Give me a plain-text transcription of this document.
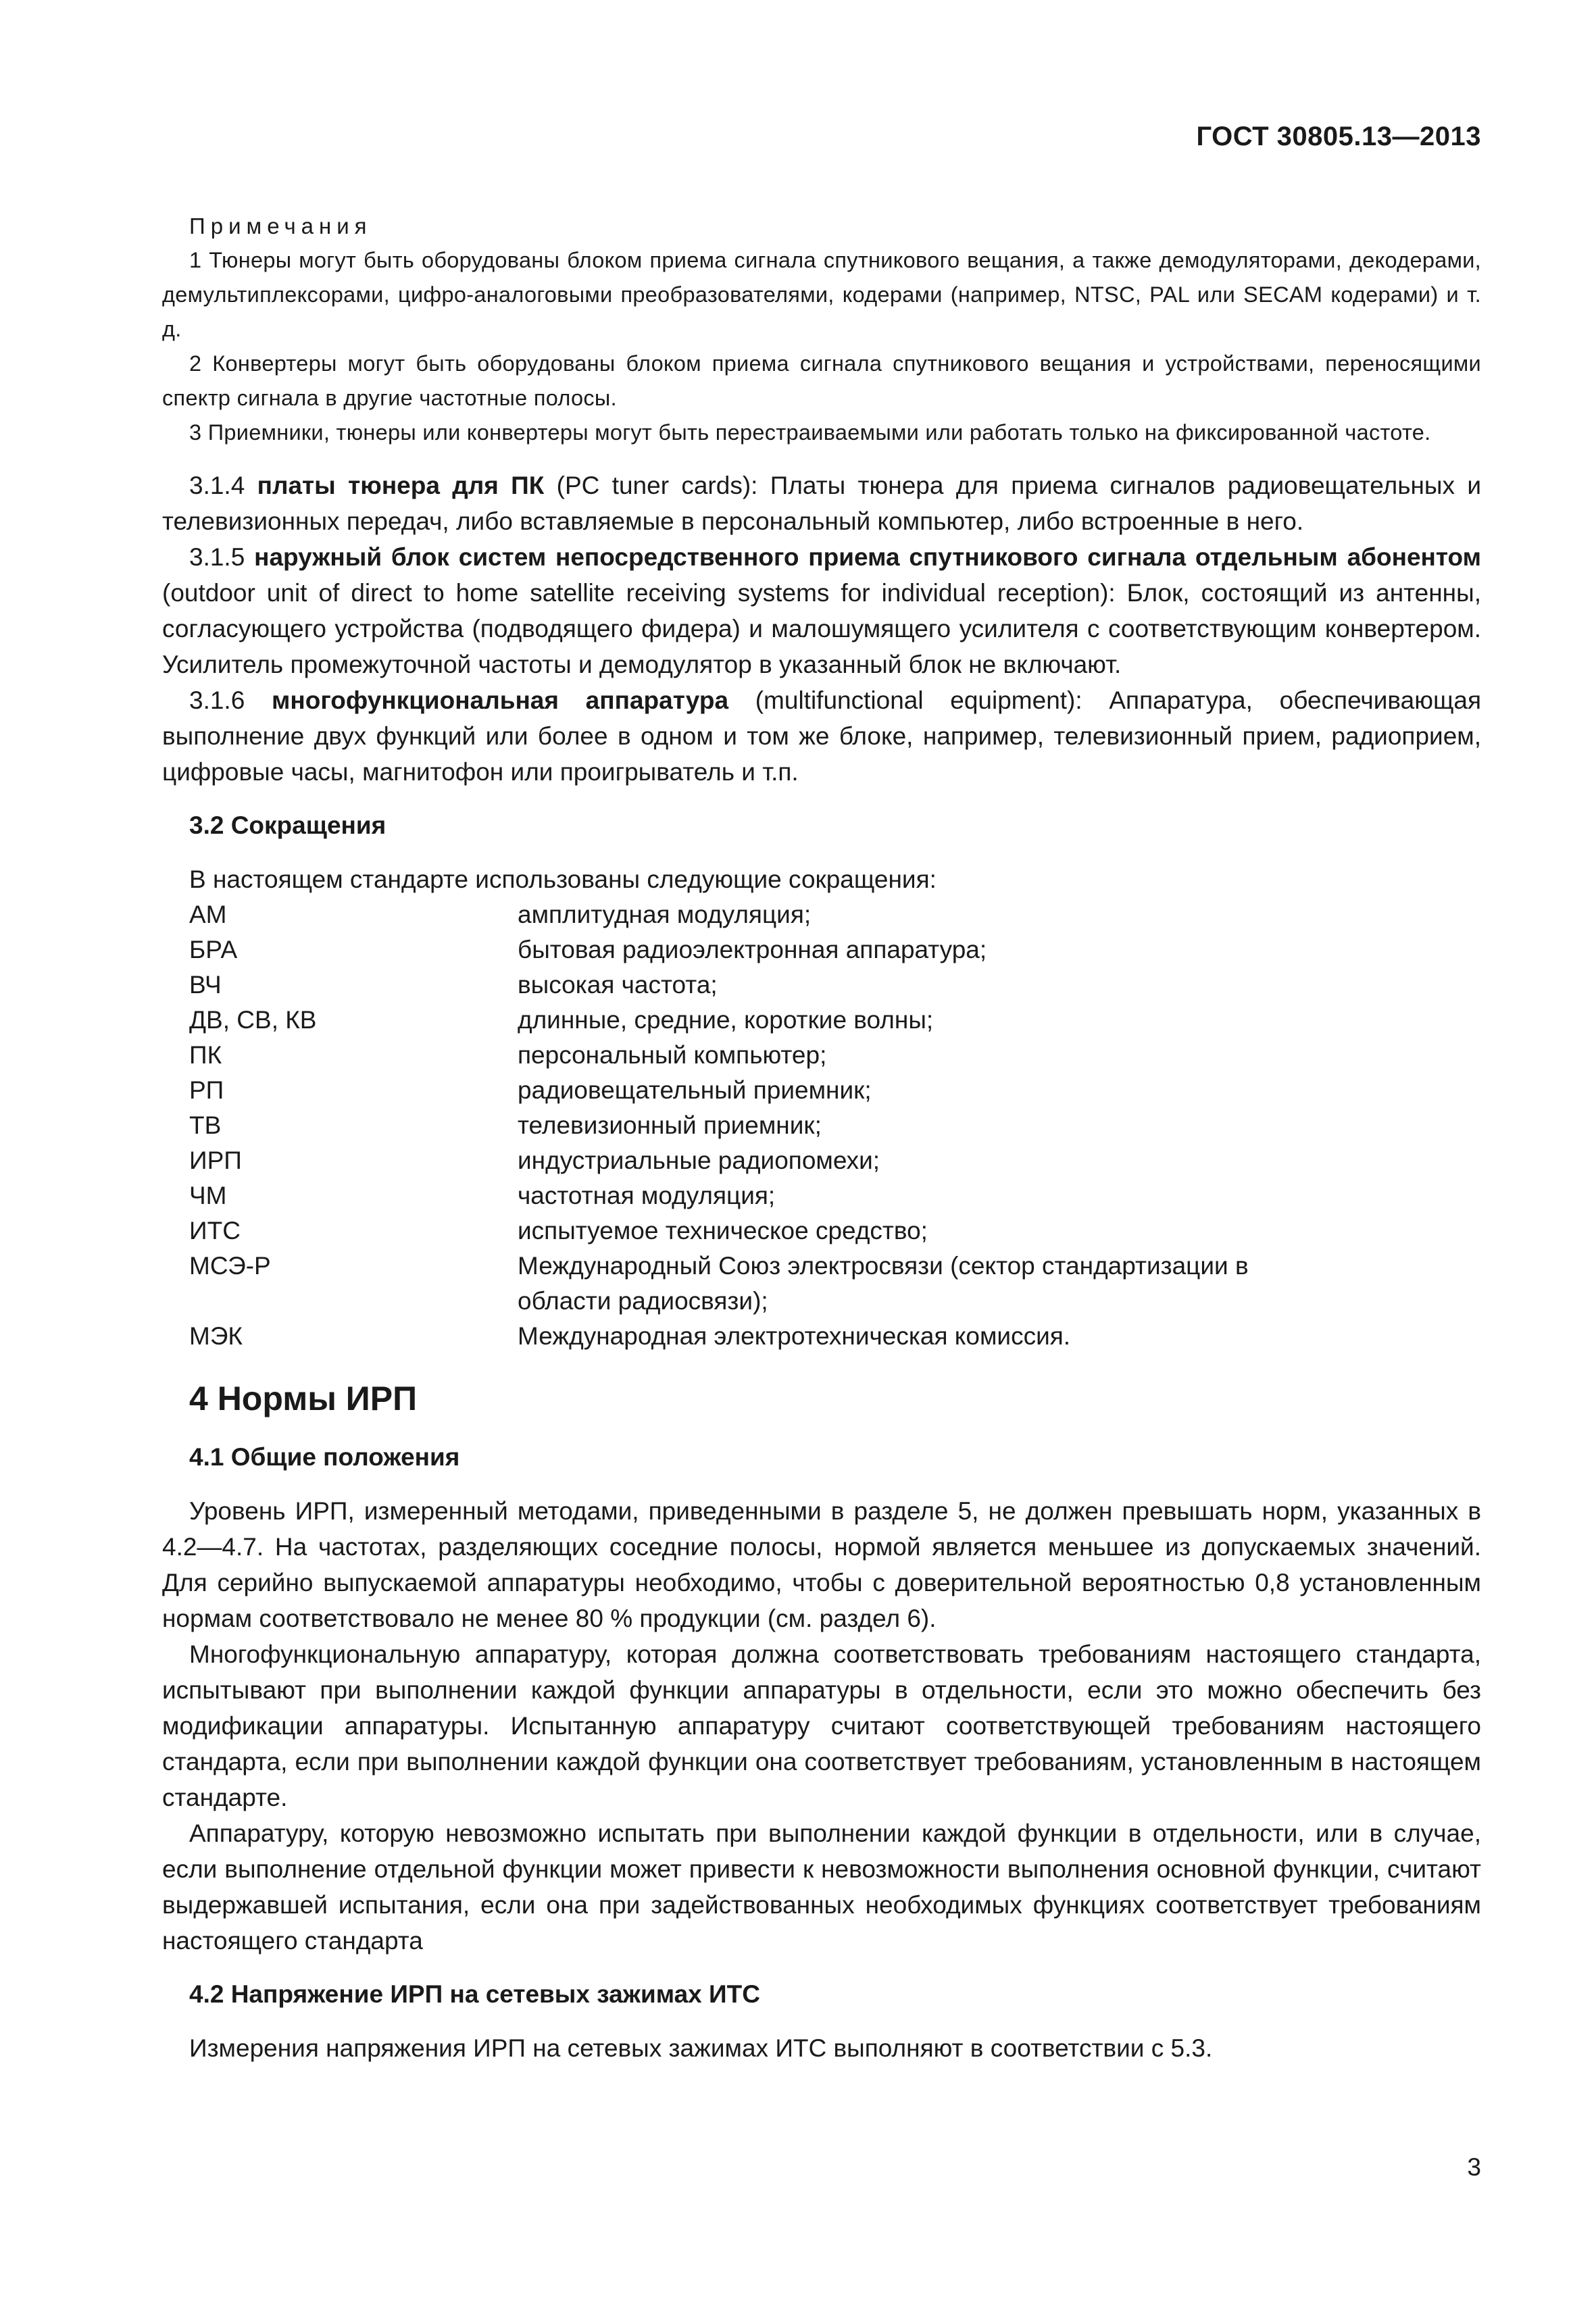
ГОСТ 30805.13—2013
Примечания

1 Тюнеры могут быть оборудованы блоком приема сигнала спутникового вещания, а также демодуляторами, декодерами, демультиплексорами, цифро-аналоговыми преобразователями, кодерами (например, NTSC, PAL или SECAM кодерами) и т. д.

2 Конвертеры могут быть оборудованы блоком приема сигнала спутникового вещания и устройствами, переносящими спектр сигнала в другие частотные полосы.

3 Приемники, тюнеры или конвертеры могут быть перестраиваемыми или работать только на фиксированной частоте.

3.1.4 платы тюнера для ПК (PC tuner cards): Платы тюнера для приема сигналов радиовещательных и телевизионных передач, либо вставляемые в персональный компьютер, либо встроенные в него.

3.1.5 наружный блок систем непосредственного приема спутникового сигнала отдельным абонентом (outdoor unit of direct to home satellite receiving systems for individual reception): Блок, состоящий из антенны, согласующего устройства (подводящего фидера) и малошумящего усилителя с соответствующим конвертером. Усилитель промежуточной частоты и демодулятор в указанный блок не включают.

3.1.6 многофункциональная аппаратура (multifunctional equipment): Аппаратура, обеспечивающая выполнение двух функций или более в одном и том же блоке, например, телевизионный прием, радиоприем, цифровые часы, магнитофон или проигрыватель и т.п.

3.2 Сокращения
В настоящем стандарте использованы следующие сокращения:
АМ	амплитудная модуляция;
БРА	бытовая радиоэлектронная аппаратура;
ВЧ	высокая частота;
ДВ, СВ, КВ	длинные, средние, короткие волны;
ПК	персональный компьютер;
РП	радиовещательный приемник;
ТВ	телевизионный приемник;
ИРП	индустриальные радиопомехи;
ЧМ	частотная модуляция;
ИТС	испытуемое техническое средство;
МСЭ-Р	Международный Союз электросвязи (сектор стандартизации в области радиосвязи);
МЭК	Международная электротехническая комиссия.
4 Нормы ИРП
4.1 Общие положения

Уровень ИРП, измеренный методами, приведенными в разделе 5, не должен превышать норм, указанных в 4.2—4.7. На частотах, разделяющих соседние полосы, нормой является меньшее из допускаемых значений. Для серийно выпускаемой аппаратуры необходимо, чтобы с доверительной вероятностью 0,8 установленным нормам соответствовало не менее 80 % продукции (см. раздел 6).

Многофункциональную аппаратуру, которая должна соответствовать требованиям настоящего стандарта, испытывают при выполнении каждой функции аппаратуры в отдельности, если это можно обеспечить без модификации аппаратуры. Испытанную аппаратуру считают соответствующей требованиям настоящего стандарта, если при выполнении каждой функции она соответствует требованиям, установленным в настоящем стандарте.

Аппаратуру, которую невозможно испытать при выполнении каждой функции в отдельности, или в случае, если выполнение отдельной функции может привести к невозможности выполнения основной функции, считают выдержавшей испытания, если она при задействованных необходимых функциях соответствует требованиям настоящего стандарта

4.2 Напряжение ИРП на сетевых зажимах ИТС

Измерения напряжения ИРП на сетевых зажимах ИТС выполняют в соответствии с 5.3.

3
